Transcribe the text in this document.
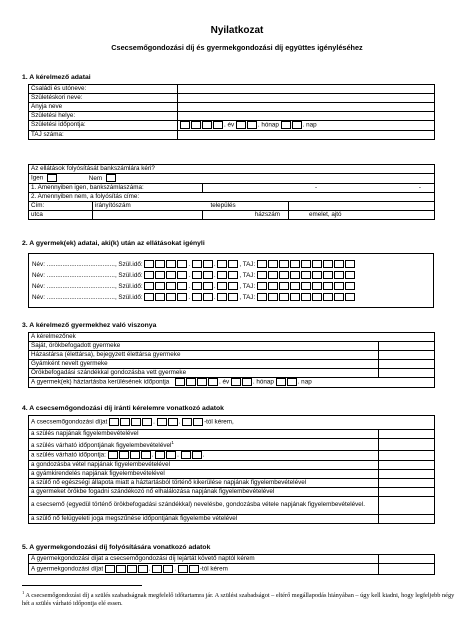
Nyilatkozat
Csecsemőgondozási díj és gyermekgondozási díj együttes igényléséhez
1. A kérelmező adatai
Családi és utóneve:	
Születéskori neve:	
Anyja neve	
Születési helye:	
Születési időpontja:	. év . hónap . nap
TAJ száma:	
Az ellátások folyósítását bankszámlára kéri?				
Igen Nem				
1. Amennyiben igen, bankszámlaszáma:			- -	
2. Amennyiben nem, a folyósítás címe:				
Cím:	irányítószám	település		
utca			házszám	emelet, ajtó
2. A gyermek(ek) adatai, aki(k) után az ellátásokat igényli
Név: ......................................., Szül.idő:	.	.	, TAJ:
Név: ......................................., Szül.idő:	.	.	, TAJ:
Név: ......................................., Szül.idő:	.	.	, TAJ:
Név: ......................................., Szül.idő:	.	.	, TAJ:
3. A kérelmező gyermekhez való viszonya
A kérelmezőnek	
Saját, örökbefogadott gyermeke	
Házastársa (élettársa), bejegyzett élettársa gyermeke	
Gyámként nevelt gyermeke	
Örökbefogadási szándékkal gondozásba vett gyermeke	
A gyermek(ek) háztartásba kerülésének időpontja . év . hónap . nap	
4. A csecsemőgondozási díj iránti kérelemre vonatkozó adatok
A csecsemőgondozási díjat . . -tól kérem,	
a szülés napjának figyelembevételével	
a szülés várható időpontjának figyelembevételével$^1$	
a szülés várható időpontja: . . .	
a gondozásba vétel napjának figyelembevételével	
a gyámkirendelés napjának figyelembevételével	
a szülő nő egészségi állapota miatt a háztartásból történő kikerülése napjának figyelembevételével	
a gyermeket örökbe fogadni szándékozó nő elhalálozása napjának figyelembevételével	
a csecsemő (egyedül történő örökbefogadási szándékkal) nevelésbe, gondozásba vétele napjának figyelembevételével.	
a szülő nő felügyeleti joga megszűnése időpontjának figyelembe vételével	
5. A gyermekgondozási díj folyósítására vonatkozó adatok
A gyermekgondozási díjat a csecsemőgondozási díj lejártát követő naptól kérem	
A gyermekgondozási díjat . . -tól kérem	
$^1$ A csecsemőgondozási díj a szülés szabadságnak megfelelő időtartamra jár. A szülési szabadságot – eltérő megállapodás hiányában – úgy kell kiadni, hogy legfeljebb négy hét a szülés várható időpontja elé essen.
